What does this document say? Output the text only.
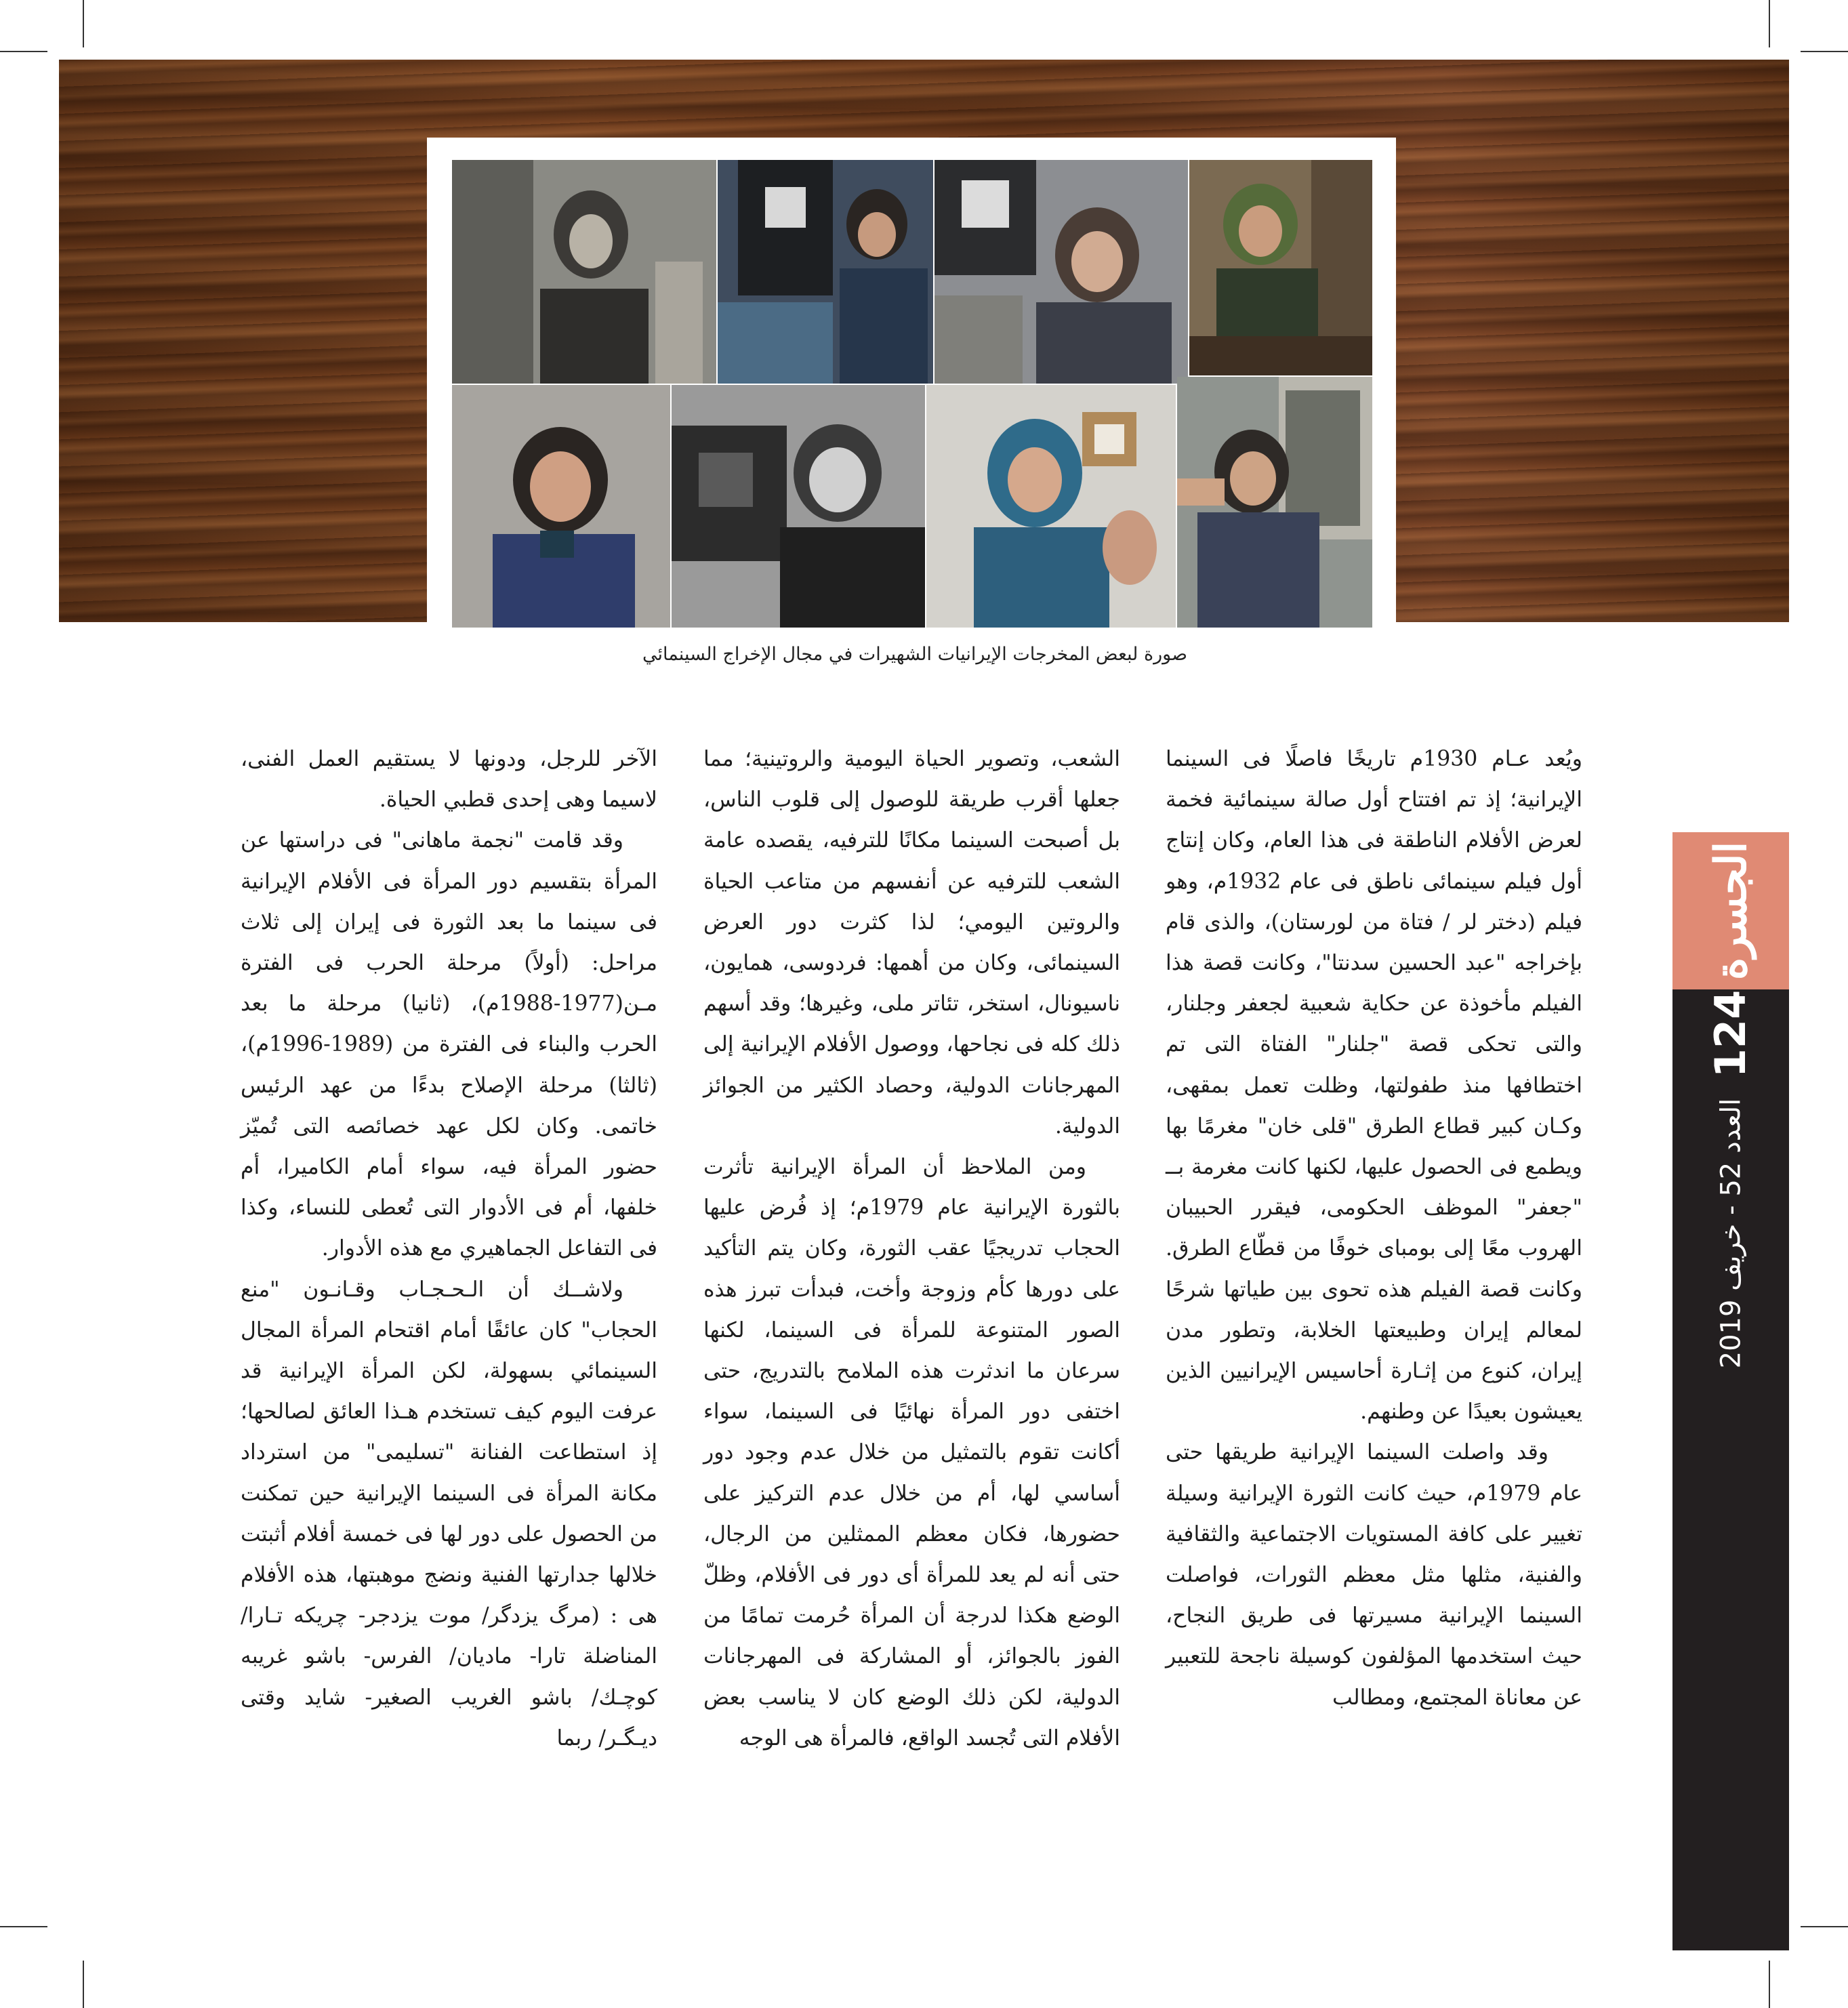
صورة لبعض المخرجات الإيرانيات الشهيرات في مجال الإخراج السينمائي

ويُعد عـام 1930م تاريخًا فاصلًا فى السينما الإيرانية؛ إذ تم افتتاح أول صالة سينمائية فخمة لعرض الأفلام الناطقة فى هذا العام، وكان إنتاج أول فيلم سينمائى ناطق فى عام 1932م، وهو فيلم (دختر لر / فتاة من لورستان)، والذى قام بإخراجه "عبد الحسين سدنتا"، وكانت قصة هذا الفيلم مأخوذة عن حكاية شعبية لجعفر وجلنار، والتى تحكى قصة "جلنار" الفتاة التى تم اختطافها منذ طفولتها، وظلت تعمل بمقهى، وكـان كبير قطاع الطرق "قلى خان" مغرمًا بها ويطمع فى الحصول عليها، لكنها كانت مغرمة بــ "جعفر" الموظف الحكومى، فيقرر الحبيبان الهروب معًا إلى بومباى خوفًا من قطّاع الطرق. وكانت قصة الفيلم هذه تحوى بين طياتها شرحًا لمعالم إيران وطبيعتها الخلابة، وتطور مدن إيران، كنوع من إثـارة أحاسيس الإيرانيين الذين يعيشون بعيدًا عن وطنهم.

وقد واصلت السينما الإيرانية طريقها حتى عام 1979م، حيث كانت الثورة الإيرانية وسيلة تغيير على كافة المستويات الاجتماعية والثقافية والفنية، مثلها مثل معظم الثورات، فواصلت السينما الإيرانية مسيرتها فى طريق النجاح، حيث استخدمها المؤلفون كوسيلة ناجحة للتعبير عن معاناة المجتمع، ومطالب

الشعب، وتصوير الحياة اليومية والروتينية؛ مما جعلها أقرب طريقة للوصول إلى قلوب الناس، بل أصبحت السينما مكانًا للترفيه، يقصده عامة الشعب للترفيه عن أنفسهم من متاعب الحياة والروتين اليومي؛ لذا كثرت دور العرض السينمائى، وكان من أهمها: فردوسى، همايون، ناسيونال، استخر، تئاتر ملى، وغيرها؛ وقد أسهم ذلك كله فى نجاحها، ووصول الأفلام الإيرانية إلى المهرجانات الدولية، وحصاد الكثير من الجوائز الدولية.

ومن الملاحظ أن المرأة الإيرانية تأثرت بالثورة الإيرانية عام 1979م؛ إذ فُرض عليها الحجاب تدريجيًا عقب الثورة، وكان يتم التأكيد على دورها كأم وزوجة وأخت، فبدأت تبرز هذه الصور المتنوعة للمرأة فى السينما، لكنها سرعان ما اندثرت هذه الملامح بالتدريج، حتى اختفى دور المرأة نهائيًا فى السينما، سواء أكانت تقوم بالتمثيل من خلال عدم وجود دور أساسي لها، أم من خلال عدم التركيز على حضورها، فكان معظم الممثلين من الرجال، حتى أنه لم يعد للمرأة أى دور فى الأفلام، وظلّ الوضع هكذا لدرجة أن المرأة حُرمت تمامًا من الفوز بالجوائز، أو المشاركة فى المهرجانات الدولية، لكن ذلك الوضع كان لا يناسب بعض الأفلام التى تُجسد الواقع، فالمرأة هى الوجه

الآخر للرجل، ودونها لا يستقيم العمل الفنى، لاسيما وهى إحدى قطبي الحياة.

وقد قامت "نجمة ماهانى" فى دراستها عن المرأة بتقسيم دور المرأة فى الأفلام الإيرانية فى سينما ما بعد الثورة فى إيران إلى ثلاث مراحل: (أولاً) مرحلة الحرب فى الفترة مـن(1977-1988م)، (ثانيا) مرحلة ما بعد الحرب والبناء فى الفترة من (1989-1996م)، (ثالثا) مرحلة الإصلاح بدءًا من عهد الرئيس خاتمى. وكان لكل عهد خصائصه التى تُميّز حضور المرأة فيه، سواء أمام الكاميرا، أم خلفها، أم فى الأدوار التى تُعطى للنساء، وكذا فى التفاعل الجماهيري مع هذه الأدوار.

ولاشــك أن الـحـجـاب وقـانـون "منع الحجاب" كان عائقًا أمام اقتحام المرأة المجال السينمائي بسهولة، لكن المرأة الإيرانية قد عرفت اليوم كيف تستخدم هـذا العائق لصالحها؛ إذ استطاعت الفنانة "تسليمى" من استرداد مكانة المرأة فى السينما الإيرانية حين تمكنت من الحصول على دور لها فى خمسة أفلام أثبتت خلالها جدارتها الفنية ونضج موهبتها، هذه الأفلام هى : (مرگ يزدگر/ موت يزدجر- چريكه تـارا/ المناضلة تارا- ماديان/ الفرس- باشو غريبه كوچـك/ باشو الغريب الصغير- شايد وقتى ديـگـر/ ربما

الجسرة
124
العدد 52 - خريف 2019
